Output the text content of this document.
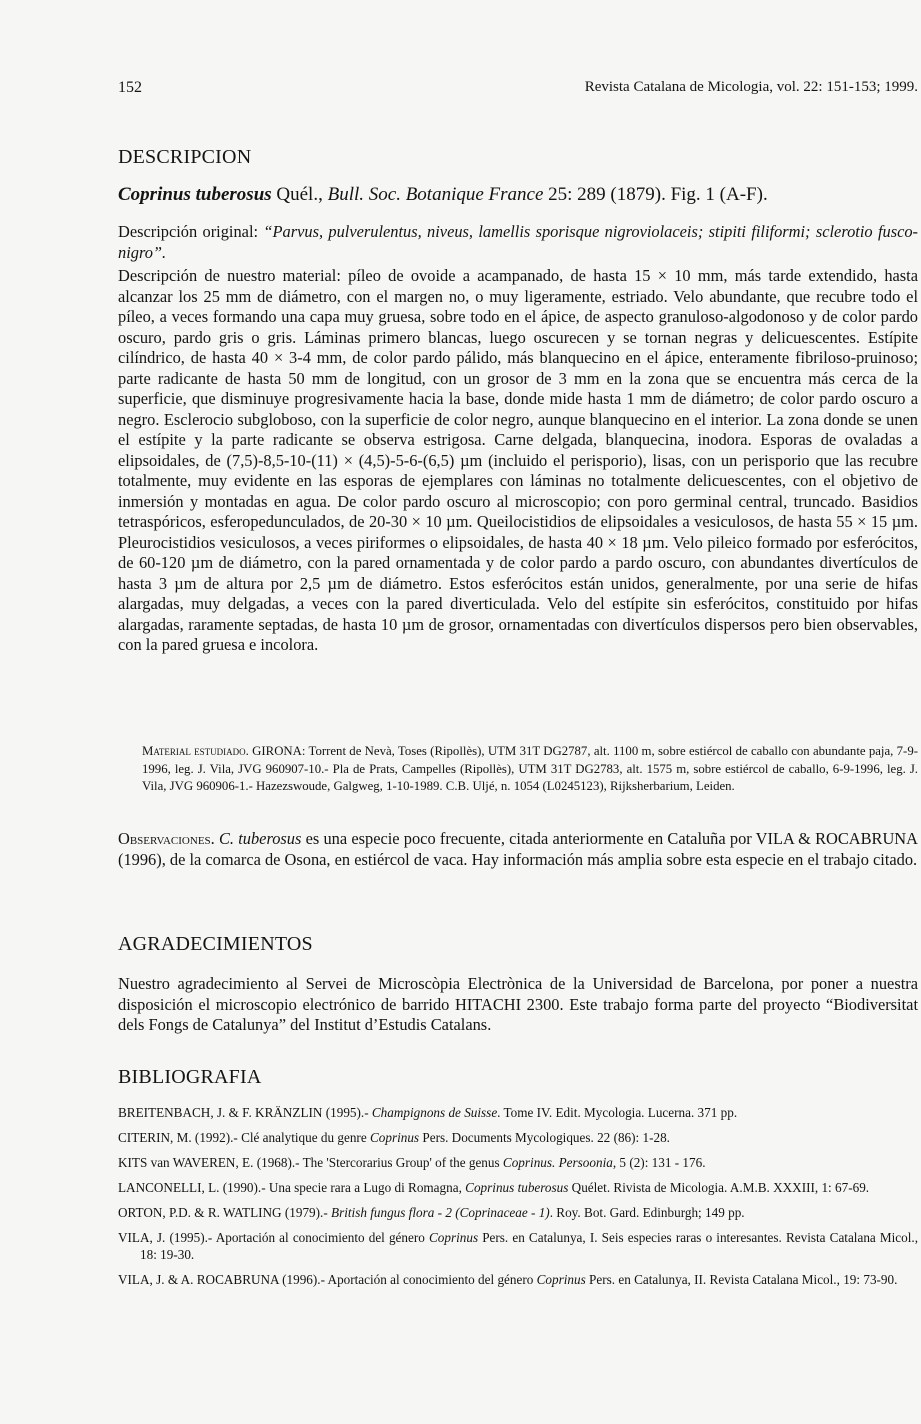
152	Revista Catalana de Micologia, vol. 22: 151-153; 1999.
DESCRIPCION
Coprinus tuberosus Quél., Bull. Soc. Botanique France 25: 289 (1879). Fig. 1 (A-F).
Descripción original: “Parvus, pulverulentus, niveus, lamellis sporisque nigroviolaceis; stipiti filiformi; sclerotio fusco-nigro”.
Descripción de nuestro material: píleo de ovoide a acampanado, de hasta 15 × 10 mm, más tarde extendido, hasta alcanzar los 25 mm de diámetro, con el margen no, o muy ligeramente, estriado. Velo abundante, que recubre todo el píleo, a veces formando una capa muy gruesa, sobre todo en el ápice, de aspecto granuloso-algodonoso y de color pardo oscuro, pardo gris o gris. Láminas primero blancas, luego oscurecen y se tornan negras y delicuescentes. Estípite cilíndrico, de hasta 40 × 3-4 mm, de color pardo pálido, más blanquecino en el ápice, enteramente fibriloso-pruinoso; parte radicante de hasta 50 mm de longitud, con un grosor de 3 mm en la zona que se encuentra más cerca de la superficie, que disminuye progresivamente hacia la base, donde mide hasta 1 mm de diámetro; de color pardo oscuro a negro. Esclerocio subgloboso, con la superficie de color negro, aunque blanquecino en el interior. La zona donde se unen el estípite y la parte radicante se observa estrigosa. Carne delgada, blanquecina, inodora. Esporas de ovaladas a elipsoidales, de (7,5)-8,5-10-(11) × (4,5)-5-6-(6,5) µm (incluido el perisporio), lisas, con un perisporio que las recubre totalmente, muy evidente en las esporas de ejemplares con láminas no totalmente delicuescentes, con el objetivo de inmersión y montadas en agua. De color pardo oscuro al microscopio; con poro germinal central, truncado. Basidios tetraspóricos, esferopedunculados, de 20-30 × 10 µm. Queilocistidios de elipsoidales a vesiculosos, de hasta 55 × 15 µm. Pleurocistidios vesiculosos, a veces piriformes o elipsoidales, de hasta 40 × 18 µm. Velo pileico formado por esferócitos, de 60-120 µm de diámetro, con la pared ornamentada y de color pardo a pardo oscuro, con abundantes divertículos de hasta 3 µm de altura por 2,5 µm de diámetro. Estos esferócitos están unidos, generalmente, por una serie de hifas alargadas, muy delgadas, a veces con la pared diverticulada. Velo del estípite sin esferócitos, constituido por hifas alargadas, raramente septadas, de hasta 10 µm de grosor, ornamentadas con divertículos dispersos pero bien observables, con la pared gruesa e incolora.
Material estudiado. GIRONA: Torrent de Nevà, Toses (Ripollès), UTM 31T DG2787, alt. 1100 m, sobre estiércol de caballo con abundante paja, 7-9-1996, leg. J. Vila, JVG 960907-10.- Pla de Prats, Campelles (Ripollès), UTM 31T DG2783, alt. 1575 m, sobre estiércol de caballo, 6-9-1996, leg. J. Vila, JVG 960906-1.- Hazezswoude, Galgweg, 1-10-1989. C.B. Uljé, n. 1054 (L0245123), Rijksherbarium, Leiden.
Observaciones. C. tuberosus es una especie poco frecuente, citada anteriormente en Cataluña por VILA & ROCABRUNA (1996), de la comarca de Osona, en estiércol de vaca. Hay información más amplia sobre esta especie en el trabajo citado.
AGRADECIMIENTOS
Nuestro agradecimiento al Servei de Microscòpia Electrònica de la Universidad de Barcelona, por poner a nuestra disposición el microscopio electrónico de barrido HITACHI 2300. Este trabajo forma parte del proyecto “Biodiversitat dels Fongs de Catalunya” del Institut d’Estudis Catalans.
BIBLIOGRAFIA
BREITENBACH, J. & F. KRÄNZLIN (1995).- Champignons de Suisse. Tome IV. Edit. Mycologia. Lucerna. 371 pp.
CITERIN, M. (1992).- Clé analytique du genre Coprinus Pers. Documents Mycologiques. 22 (86): 1-28.
KITS van WAVEREN, E. (1968).- The 'Stercorarius Group' of the genus Coprinus. Persoonia, 5 (2): 131 - 176.
LANCONELLI, L. (1990).- Una specie rara a Lugo di Romagna, Coprinus tuberosus Quélet. Rivista de Micologia. A.M.B. XXXIII, 1: 67-69.
ORTON, P.D. & R. WATLING (1979).- British fungus flora - 2 (Coprinaceae - 1). Roy. Bot. Gard. Edinburgh; 149 pp.
VILA, J. (1995).- Aportación al conocimiento del género Coprinus Pers. en Catalunya, I. Seis especies raras o interesantes. Revista Catalana Micol., 18: 19-30.
VILA, J. & A. ROCABRUNA (1996).- Aportación al conocimiento del género Coprinus Pers. en Catalunya, II. Revista Catalana Micol., 19: 73-90.
